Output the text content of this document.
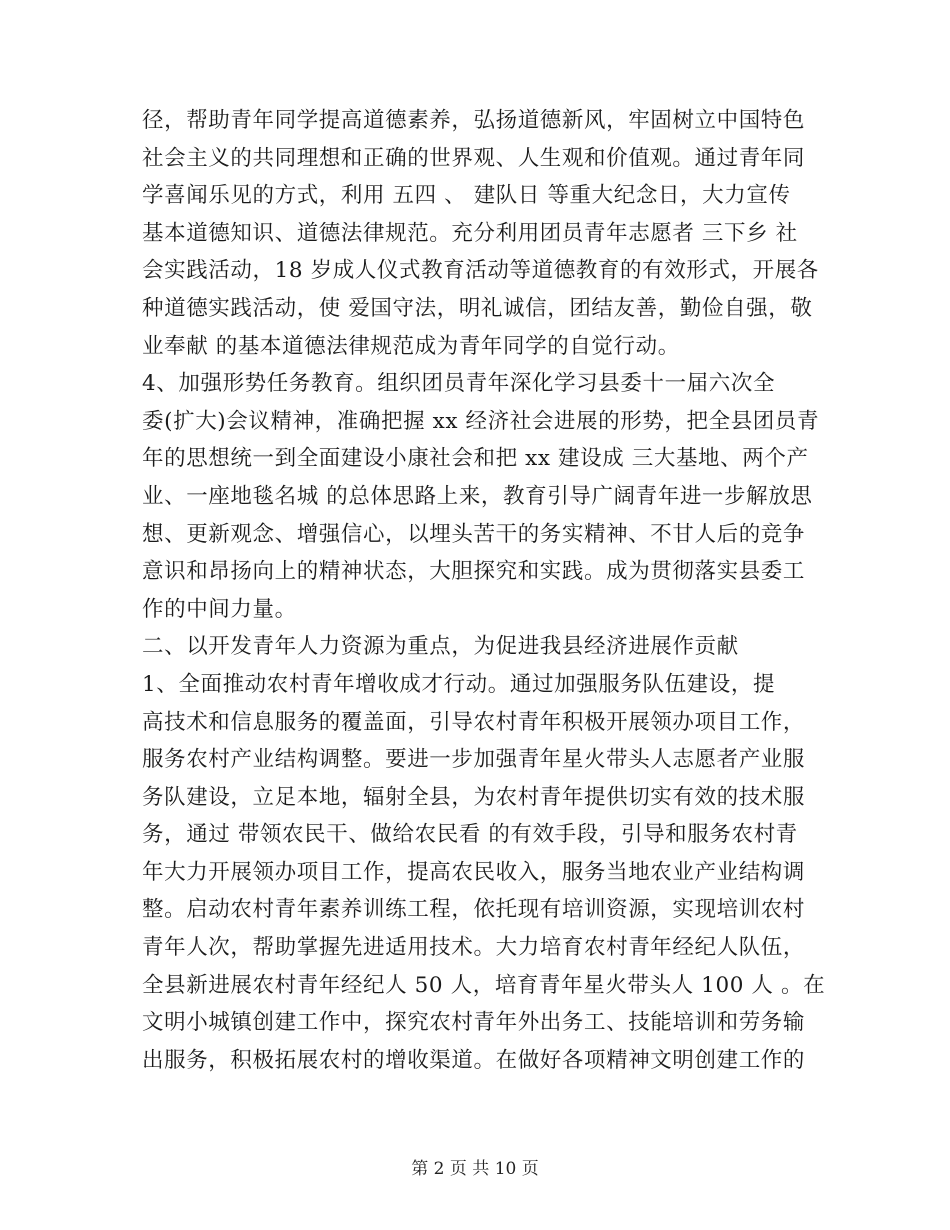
径，帮助青年同学提高道德素养，弘扬道德新风，牢固树立中国特色
社会主义的共同理想和正确的世界观、人生观和价值观。通过青年同
学喜闻乐见的方式，利用 五四 、 建队日 等重大纪念日，大力宣传
基本道德知识、道德法律规范。充分利用团员青年志愿者 三下乡 社
会实践活动，18 岁成人仪式教育活动等道德教育的有效形式，开展各
种道德实践活动，使 爱国守法，明礼诚信，团结友善，勤俭自强，敬
业奉献 的基本道德法律规范成为青年同学的自觉行动。
4、加强形势任务教育。组织团员青年深化学习县委十一届六次全
委(扩大)会议精神，准确把握 xx 经济社会进展的形势，把全县团员青
年的思想统一到全面建设小康社会和把 xx 建设成 三大基地、两个产
业、一座地毯名城 的总体思路上来，教育引导广阔青年进一步解放思
想、更新观念、增强信心，以埋头苦干的务实精神、不甘人后的竞争
意识和昂扬向上的精神状态，大胆探究和实践。成为贯彻落实县委工
作的中间力量。
二、以开发青年人力资源为重点，为促进我县经济进展作贡献
1、全面推动农村青年增收成才行动。通过加强服务队伍建设，提
高技术和信息服务的覆盖面，引导农村青年积极开展领办项目工作，
服务农村产业结构调整。要进一步加强青年星火带头人志愿者产业服
务队建设，立足本地，辐射全县，为农村青年提供切实有效的技术服
务，通过 带领农民干、做给农民看 的有效手段，引导和服务农村青
年大力开展领办项目工作，提高农民收入，服务当地农业产业结构调
整。启动农村青年素养训练工程，依托现有培训资源，实现培训农村
青年人次，帮助掌握先进适用技术。大力培育农村青年经纪人队伍，
全县新进展农村青年经纪人 50 人，培育青年星火带头人 100 人 。在
文明小城镇创建工作中，探究农村青年外出务工、技能培训和劳务输
出服务，积极拓展农村的增收渠道。在做好各项精神文明创建工作的
第 2 页 共 10 页
